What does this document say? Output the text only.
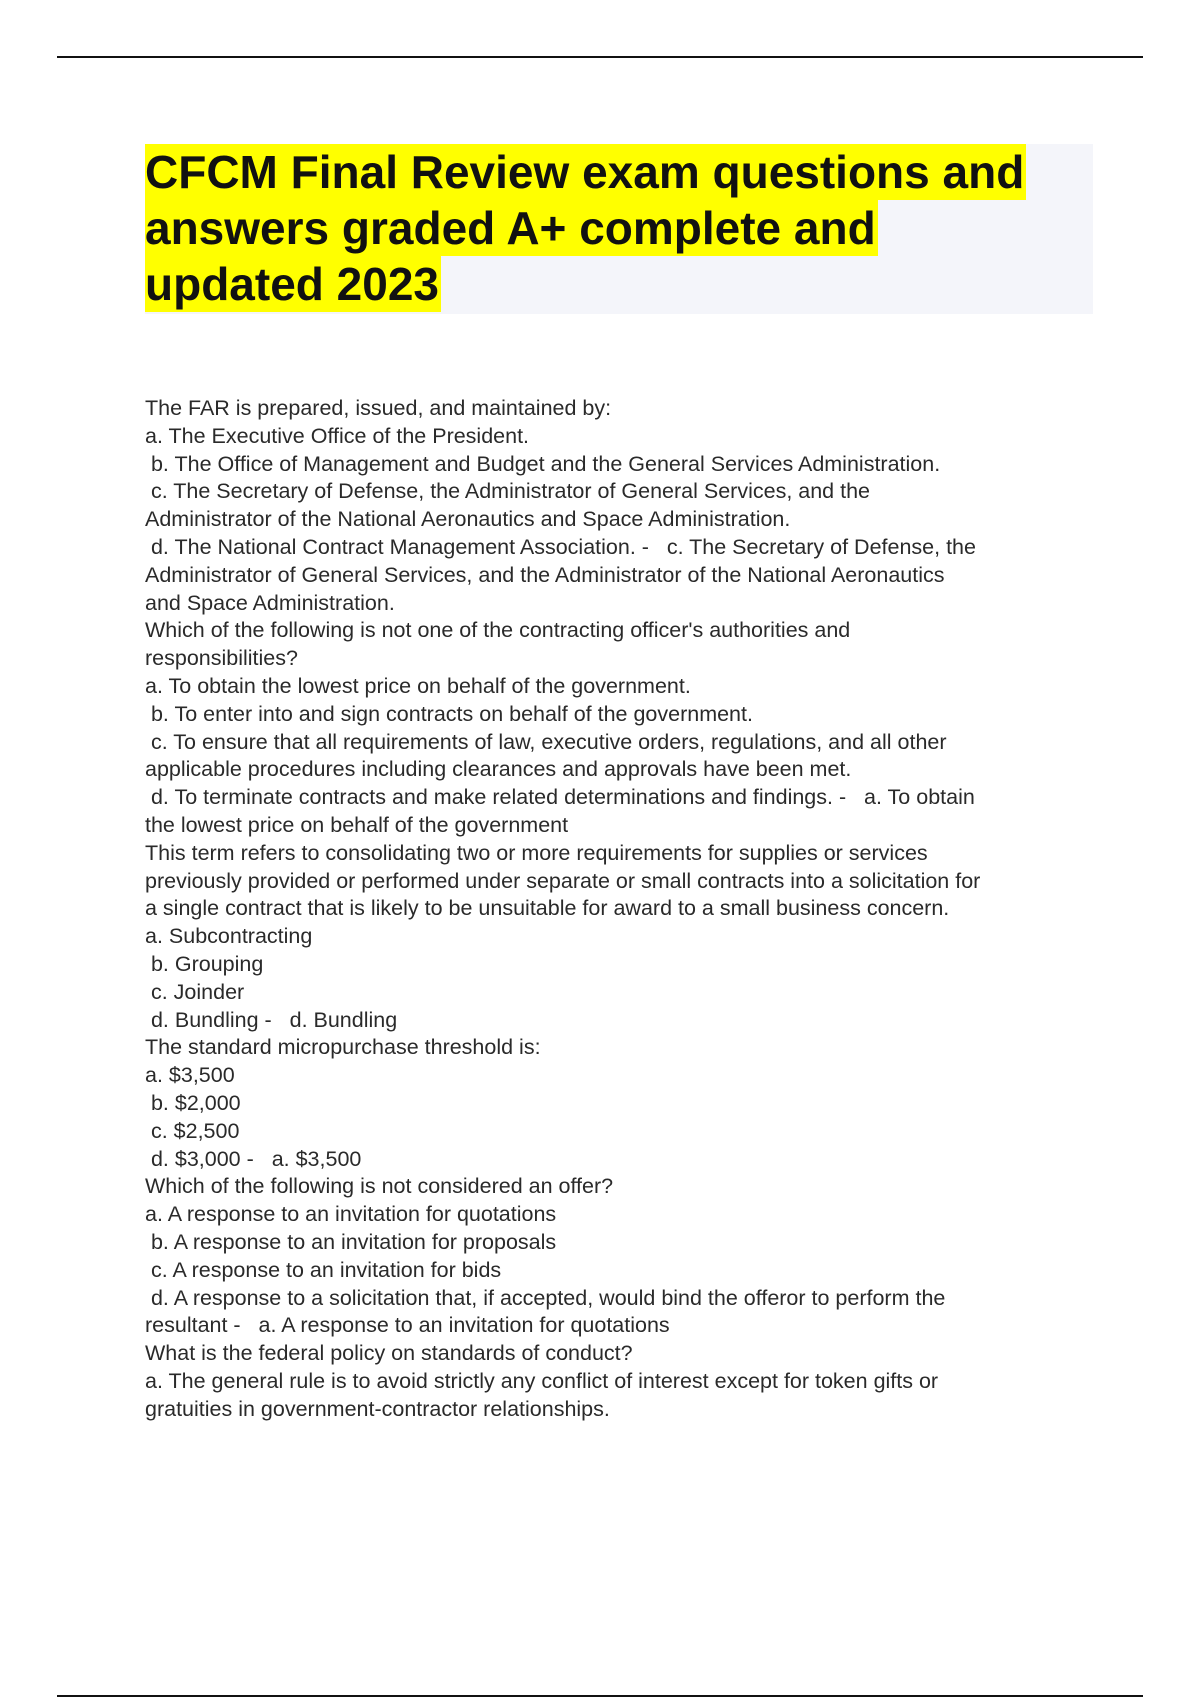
CFCM Final Review exam questions and
answers graded A+ complete and
updated 2023
The FAR is prepared, issued, and maintained by:
a. The Executive Office of the President.
b. The Office of Management and Budget and the General Services Administration.
c. The Secretary of Defense, the Administrator of General Services, and the
Administrator of the National Aeronautics and Space Administration.
d. The National Contract Management Association. -   c. The Secretary of Defense, the
Administrator of General Services, and the Administrator of the National Aeronautics
and Space Administration.
Which of the following is not one of the contracting officer's authorities and
responsibilities?
a. To obtain the lowest price on behalf of the government.
b. To enter into and sign contracts on behalf of the government.
c. To ensure that all requirements of law, executive orders, regulations, and all other
applicable procedures including clearances and approvals have been met.
d. To terminate contracts and make related determinations and findings. -   a. To obtain
the lowest price on behalf of the government
This term refers to consolidating two or more requirements for supplies or services
previously provided or performed under separate or small contracts into a solicitation for
a single contract that is likely to be unsuitable for award to a small business concern.
a. Subcontracting
b. Grouping
c. Joinder
d. Bundling -   d. Bundling
The standard micropurchase threshold is:
a. $3,500
b. $2,000
c. $2,500
d. $3,000 -   a. $3,500
Which of the following is not considered an offer?
a. A response to an invitation for quotations
b. A response to an invitation for proposals
c. A response to an invitation for bids
d. A response to a solicitation that, if accepted, would bind the offeror to perform the
resultant -   a. A response to an invitation for quotations
What is the federal policy on standards of conduct?
a. The general rule is to avoid strictly any conflict of interest except for token gifts or
gratuities in government-contractor relationships.
